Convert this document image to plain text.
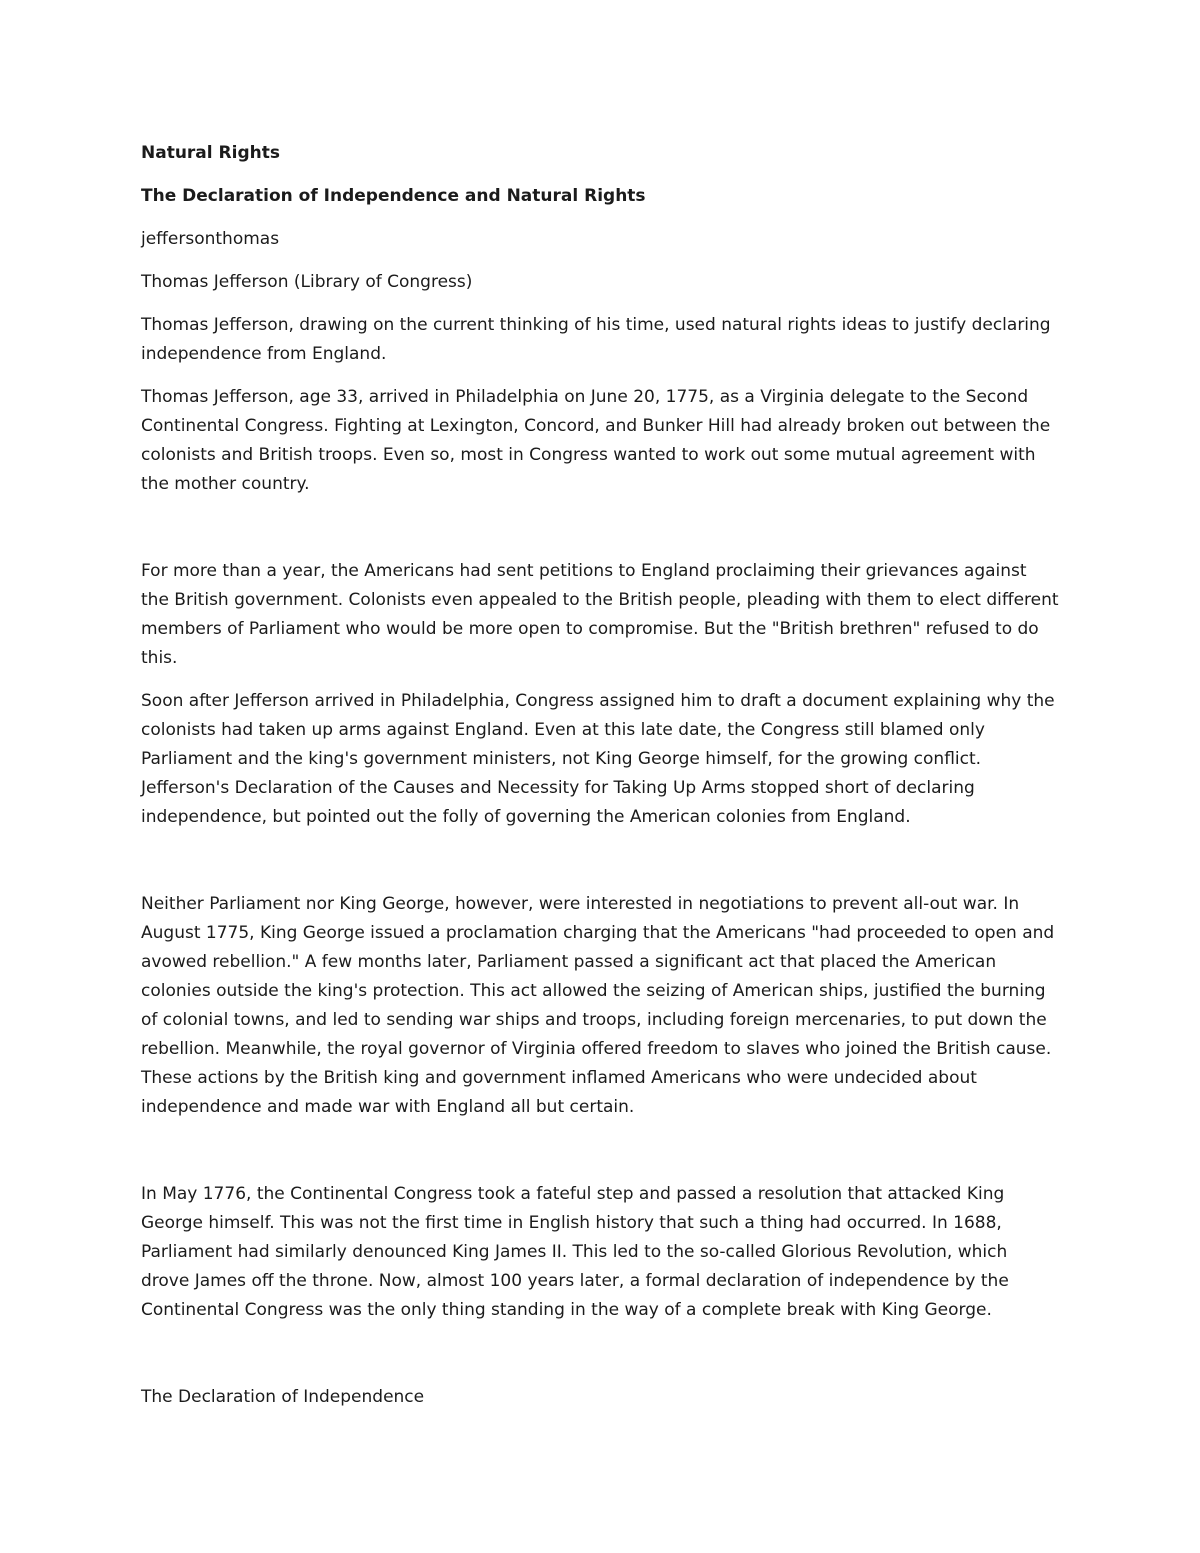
Natural Rights

The Declaration of Independence and Natural Rights

jeffersonthomas

Thomas Jefferson (Library of Congress)

Thomas Jefferson, drawing on the current thinking of his time, used natural rights ideas to justify declaring independence from England.

Thomas Jefferson, age 33, arrived in Philadelphia on June 20, 1775, as a Virginia delegate to the Second Continental Congress. Fighting at Lexington, Concord, and Bunker Hill had already broken out between the colonists and British troops. Even so, most in Congress wanted to work out some mutual agreement with the mother country.

For more than a year, the Americans had sent petitions to England proclaiming their grievances against the British government. Colonists even appealed to the British people, pleading with them to elect different members of Parliament who would be more open to compromise. But the "British brethren" refused to do this.

Soon after Jefferson arrived in Philadelphia, Congress assigned him to draft a document explaining why the colonists had taken up arms against England. Even at this late date, the Congress still blamed only Parliament and the king's government ministers, not King George himself, for the growing conflict. Jefferson's Declaration of the Causes and Necessity for Taking Up Arms stopped short of declaring independence, but pointed out the folly of governing the American colonies from England.

Neither Parliament nor King George, however, were interested in negotiations to prevent all-out war. In August 1775, King George issued a proclamation charging that the Americans "had proceeded to open and avowed rebellion." A few months later, Parliament passed a significant act that placed the American colonies outside the king's protection. This act allowed the seizing of American ships, justified the burning of colonial towns, and led to sending war ships and troops, including foreign mercenaries, to put down the rebellion. Meanwhile, the royal governor of Virginia offered freedom to slaves who joined the British cause. These actions by the British king and government inflamed Americans who were undecided about independence and made war with England all but certain.

In May 1776, the Continental Congress took a fateful step and passed a resolution that attacked King George himself. This was not the first time in English history that such a thing had occurred. In 1688, Parliament had similarly denounced King James II. This led to the so-called Glorious Revolution, which drove James off the throne. Now, almost 100 years later, a formal declaration of independence by the Continental Congress was the only thing standing in the way of a complete break with King George.

The Declaration of Independence
